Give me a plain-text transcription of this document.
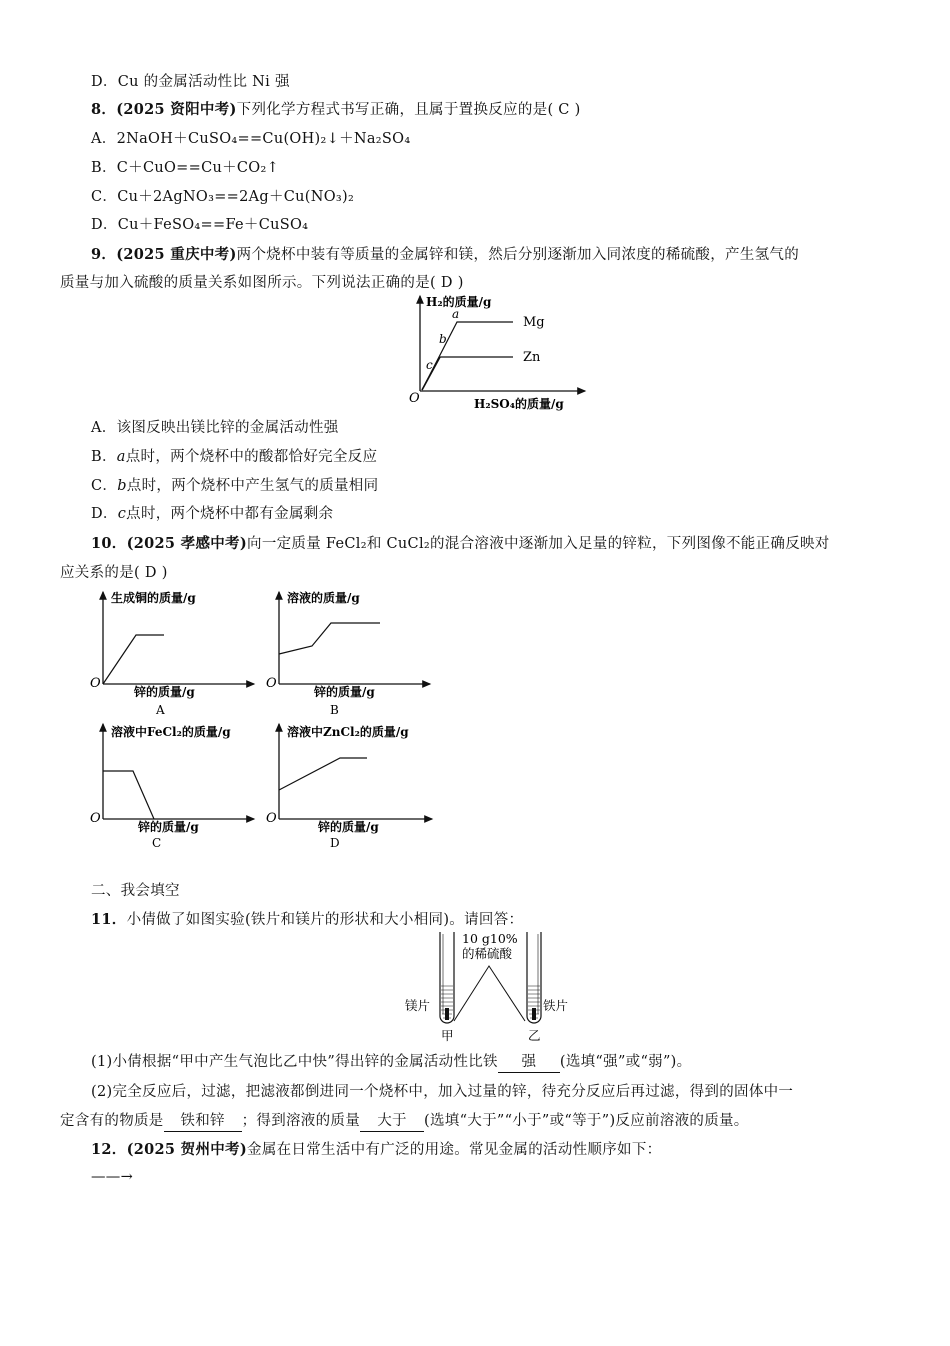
D．Cu 的金属活动性比 Ni 强
8．(2025 资阳中考)下列化学方程式书写正确，且属于置换反应的是( C )
A．2NaOH＋CuSO₄==Cu(OH)₂↓＋Na₂SO₄
B．C＋CuO==Cu＋CO₂↑
C．Cu＋2AgNO₃==2Ag＋Cu(NO₃)₂
D．Cu＋FeSO₄==Fe＋CuSO₄
9．(2025 重庆中考)两个烧杯中装有等质量的金属锌和镁，然后分别逐渐加入同浓度的稀硫酸，产生氢气的
质量与加入硫酸的质量关系如图所示。下列说法正确的是( D )
H₂的质量/g
H₂SO₄的质量/g
O
a
b
c
Mg
Zn
A．该图反映出镁比锌的金属活动性强
B．a点时，两个烧杯中的酸都恰好完全反应
C．b点时，两个烧杯中产生氢气的质量相同
D．c点时，两个烧杯中都有金属剩余
10．(2025 孝感中考)向一定质量 FeCl₂和 CuCl₂的混合溶液中逐渐加入足量的锌粒，下列图像不能正确反映对
应关系的是( D )
生成铜的质量/g
锌的质量/g
O
A
溶液的质量/g
锌的质量/g
O
B
溶液中FeCl₂的质量/g
锌的质量/g
O
C
溶液中ZnCl₂的质量/g
锌的质量/g
O
D
二、我会填空
11．小倩做了如图实验(铁片和镁片的形状和大小相同)。请回答：
10 g10%
的稀硫酸
镁片	铁片
甲	乙
(1)小倩根据“甲中产生气泡比乙中快”得出锌的金属活动性比铁 强 (选填“强”或“弱”)。
(2)完全反应后，过滤，把滤液都倒进同一个烧杯中，加入过量的锌，待充分反应后再过滤，得到的固体中一
定含有的物质是 铁和锌 ；得到溶液的质量 大于 (选填“大于”“小于”或“等于”)反应前溶液的质量。
12．(2025 贺州中考)金属在日常生活中有广泛的用途。常见金属的活动性顺序如下：
——→
